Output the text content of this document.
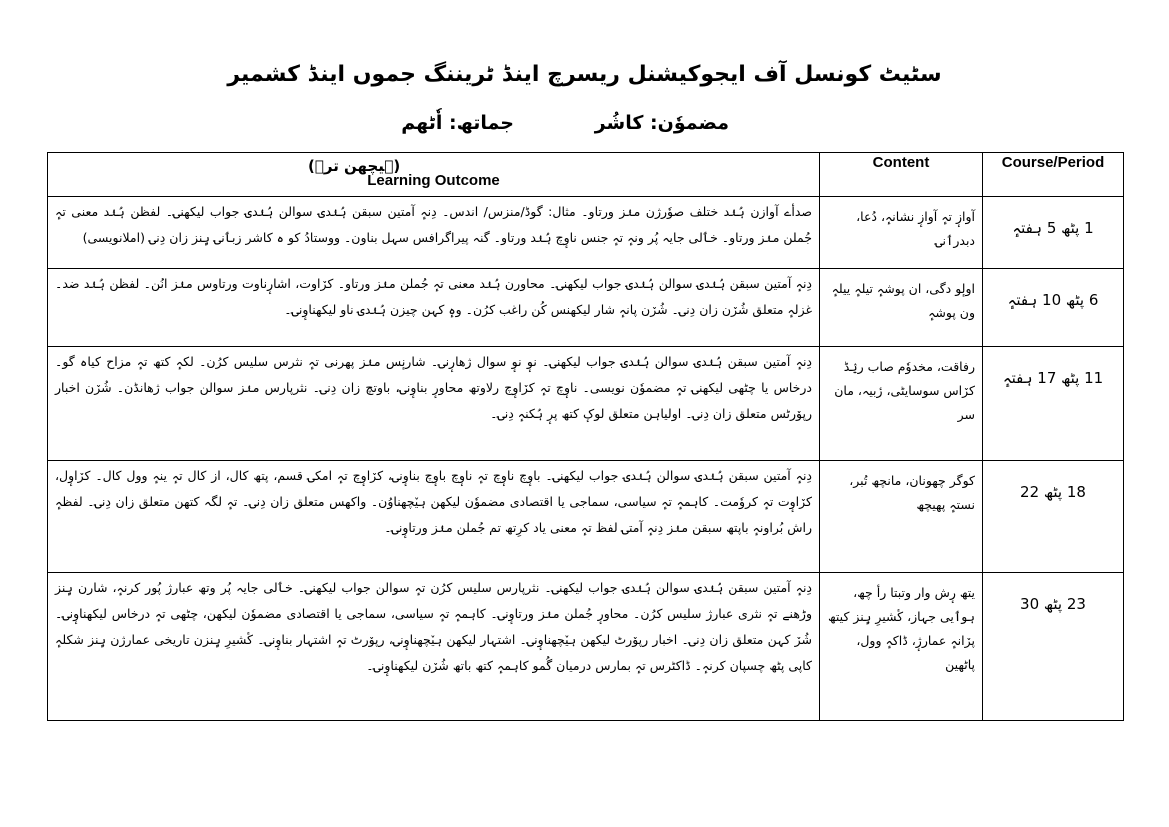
سٹیٹ کونسل آف ایجوکیشنل ریسرچ اینڈ ٹریننگ جموں اینڈ کشمیر
مضموٗن: کاشُر
جماتھ: اٗٹھم
(ہیچھن ترٛ)
Learning Outcome	Content	Course/Period
صدأے آوازن ہُنٛد ختلف صوٗرژن منٛز ورتاو۔ مثال: گوڈ/منزس/ اندس۔ دِنہٕ آمتین سبقن ہُنٛدۍ سوالن ہُنٛدۍ جواب لیکھنۍ۔ لفظن ہُنٛد معنی تہٕ جُملن منٛز ورتاو۔ خٲلی جایہ پُر ونہٕ تہٕ جنس ناوٕچ ہُنٛد ورتاو۔ گنہ پیراگرافس سہل بناون۔ ووستادُ کو ہ کاشر زبٲنۍ ہٕنز زان دِنۍ (املانویسی)	آوازٕ تہٕ آوازٕ نشانہٕ، دُعا، دبدرٲنۍ	1 پٹھ 5 ہفتہٕ
دِنہٕ آمتین سبقن ہُنٛدۍ سوالن ہُنٛدۍ جواب لیکھنۍ۔ محاورن ہُنٛد معنی تہٕ جُملن منٛز ورتاو۔ کرٚاوت، اشارٕناوت ورتاوس منٛز انُن۔ لفظن ہُنٛد ضد۔ غزلہٕ متعلق شُرٚن زان دِنۍ۔ شُرٚن پانہٕ شار لیکھنس کُن راغب کرُن۔ وہٕ کہن چیزن ہُنٛدۍ ناو لیکھناوٕنۍ۔	اولٕو دگی، ان پوشہٕ تیلہٕ ییلہٕ ون پوشہٕ	6 پٹھ 10 ہفتہٕ
دِنہٕ آمتین سبقن ہُنٛدۍ سوالن ہُنٛدۍ جواب لیکھنۍ۔ نوٕ نوٕ سوال ژھارٕنۍ۔ شارنٕس منٛز پھرنی تہٕ نثرس سلیس کرُن۔ لکہٕ کتھ تہٕ مزاح کیاہ گو۔ درخاس یا چٹھی لیکھنۍ تہٕ مضموٗن نویسی۔ ناوٕچ تہٕ کرٚاوٕچ رلاوتھ محاورٕ بناوٕنۍ، باوتچ زان دِنۍ۔ نثرپارس منٛز سوالن جواب ژھانڈن۔ شُرٚن اخبار رپوٚرٹس متعلق زان دِنۍ۔ اولیاہن متعلق لوکٕ کتھ پرٕ ہُکنہٕ دِنۍ۔	رفاقت، مخدوٗم صاب ریٛڈ کرٚاس سوسایٹی، رٔبیہ، مان سر	11 پٹھ 17 ہفتہٕ
دِنہٕ آمتین سبقن ہُنٛدۍ سوالن ہُنٛدۍ جواب لیکھنۍ۔ باوٕچ ناوٕچ تہٕ ناوٕچ باوٕچ بناوٕنۍ، کرٚاوٕچ تہٕ امکۍ قسم، پتھ کال، از کال تہٕ ینہٕ وول کال۔ کرٚاوٕل، کرٚاوٕت تہٕ کروٗمت۔ کاہمہٕ تہٕ سیاسی، سماجی یا اقتصادی مضموٗن لیکھن ہیٚچھناوُن۔ واکھس متعلق زان دِنۍ۔ تہٕ لگہ کتھن متعلق زان دِنۍ۔ لفظہٕ راش بُراونہٕ باپتھ سبقن منٛز دِنہٕ آمتۍ لفظ تہٕ معنی یاد کرِتھ تم جُملن منٛز ورتاوٕنۍ۔	کوگر چھونان، مانچھ تُبر، نستہٕ پھیچھ	18 پٹھ 22
دِنہٕ آمتین سبقن ہُنٛدۍ سوالن ہُنٛدۍ جواب لیکھنۍ۔ نثرپارس سلیس کرُن تہٕ سوالن جواب لیکھنۍ۔ خٲلی جایہ پُر وتھ عبارژ پُور کرنہٕ، شارن ہٕنز وڑھنے تہٕ نثری عبارژ سلیس کرُن۔ محاورٕ جُملن منٛز ورتاوٕنۍ۔ کاہمہٕ تہٕ سیاسی، سماجی یا اقتصادی مضموٗن لیکھن، چٹھی تہٕ درخاس لیکھناوٕنۍ۔ شُرٚ کہن متعلق زان دِنۍ۔ اخبار رپوٚرٹ لیکھن ہیٚچھناوٕنۍ۔ اشتہار لیکھن ہیٚچھناوٕنۍ، رپوٚرٹ تہٕ اشتہار بناوٕنۍ۔ کٔشیرِ ہٕنزن تاریخی عمارژن ہٕنز شکلہٕ کاپی پٹھ چسپان کرنہٕ۔ ڈاکٹرس تہٕ بمارس درمیان گُمو کاہمہٕ کتھ باتھ شُرٚن لیکھناوٕنۍ۔	یتھ رٕش وار وتبتا رأ چھ، ہوٲیی جہاز، کٔشیرِ ہٕنز کیتھ پرٚانہٕ عمارژٕ، ڈاکہٕ وول، پاٹھین	23 پٹھ 30
